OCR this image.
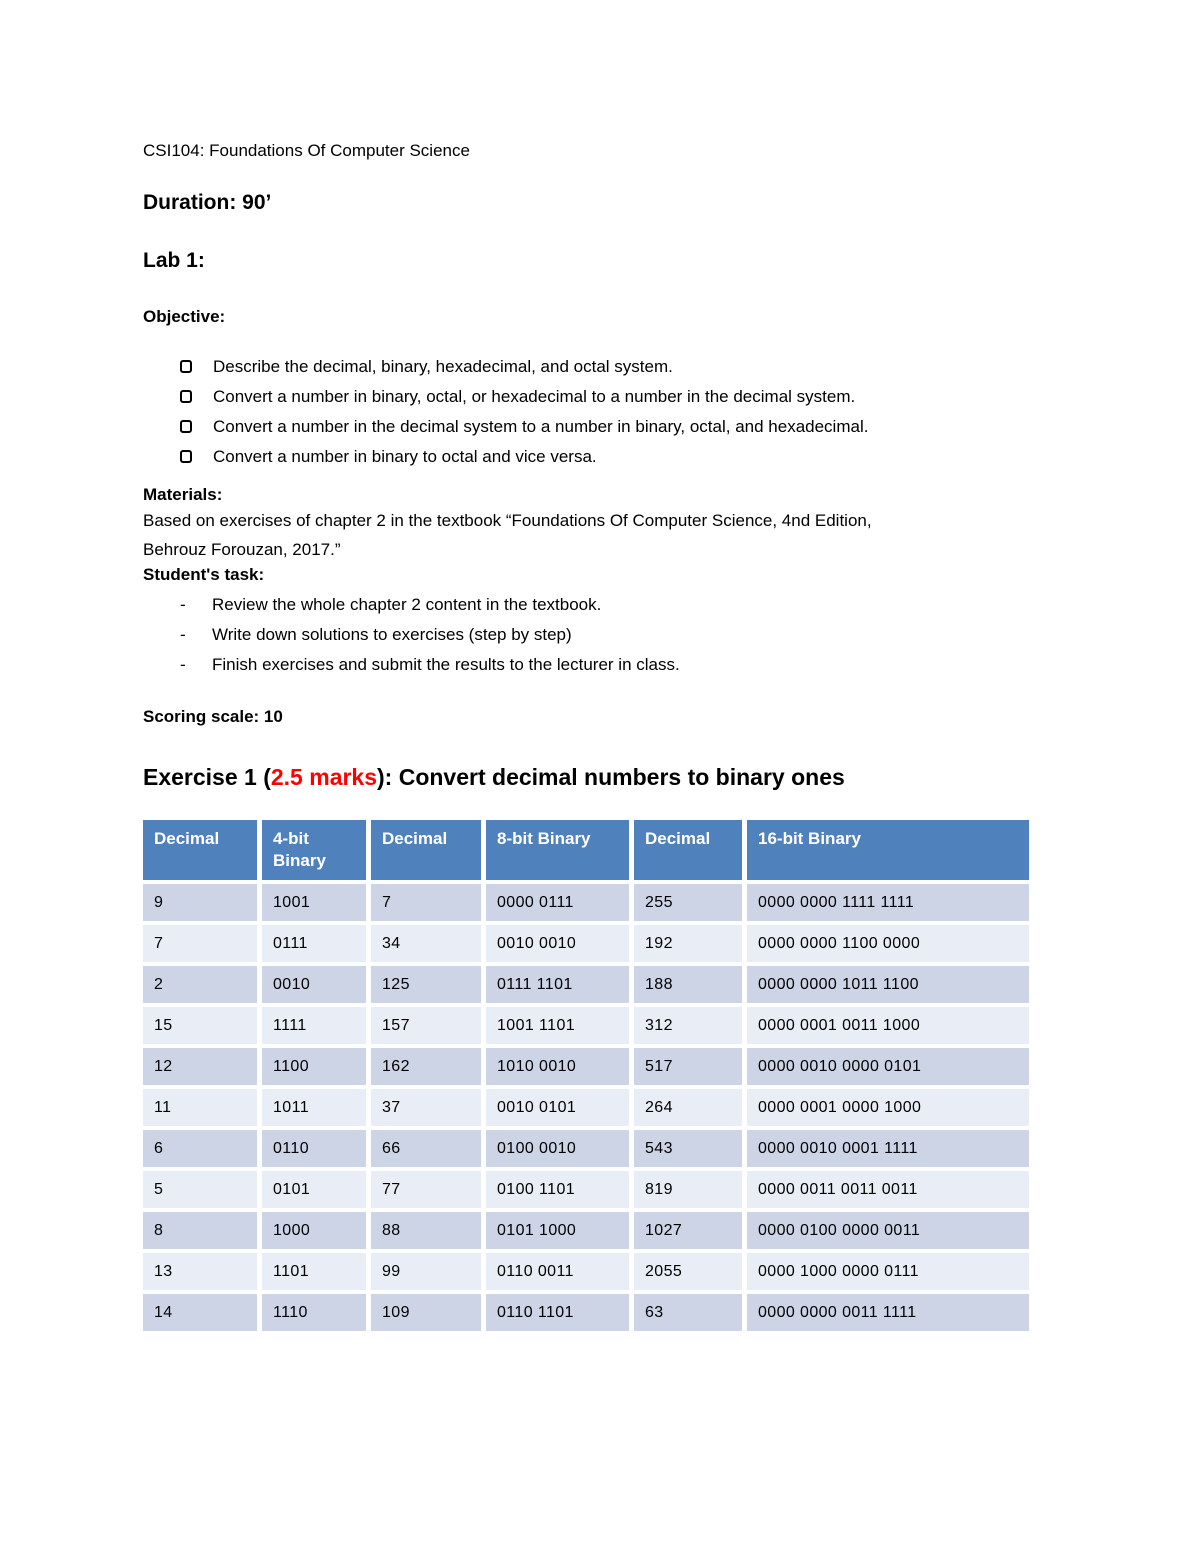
CSI104: Foundations Of Computer Science

Duration: 90’
Lab 1:
Objective:
Describe the decimal, binary, hexadecimal, and octal system.
Convert a number in binary, octal, or hexadecimal to a number in the decimal system.
Convert a number in the decimal system to a number in binary, octal, and hexadecimal.
Convert a number in binary to octal and vice versa.

Materials:

Based on exercises of chapter 2 in the textbook “Foundations Of Computer Science, 4nd Edition,

Behrouz Forouzan, 2017.”

Student's task:

- Review the whole chapter 2 content in the textbook.
- Write down solutions to exercises (step by step)
- Finish exercises and submit the results to the lecturer in class.

Scoring scale: 10

Exercise 1 (2.5 marks): Convert decimal numbers to binary ones
Decimal	4-bit Binary	Decimal	8-bit Binary	Decimal	16-bit Binary
9	1001	7	0000 0111	255	0000 0000 1111 1111
7	0111	34	0010 0010	192	0000 0000 1100 0000
2	0010	125	0111 1101	188	0000 0000 1011 1100
15	1111	157	1001 1101	312	0000 0001 0011 1000
12	1100	162	1010 0010	517	0000 0010 0000 0101
11	1011	37	0010 0101	264	0000 0001 0000 1000
6	0110	66	0100 0010	543	0000 0010 0001 1111
5	0101	77	0100 1101	819	0000 0011 0011 0011
8	1000	88	0101 1000	1027	0000 0100 0000 0011
13	1101	99	0110 0011	2055	0000 1000 0000 0111
14	1110	109	0110 1101	63	0000 0000 0011 1111
